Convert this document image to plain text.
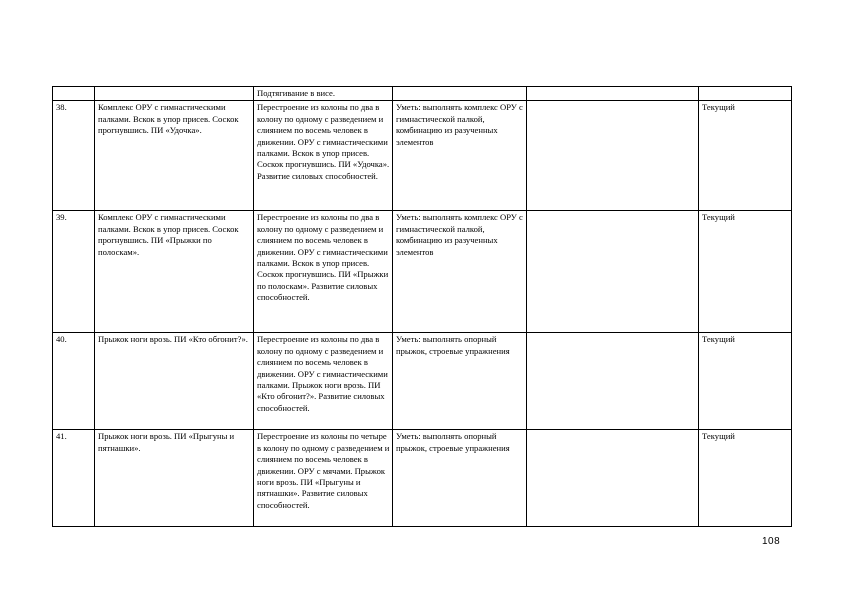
		Подтягивание в висе.			
38.	Комплекс ОРУ с гимнастическими палками. Вскок в упор присев. Соскок прогнувшись. ПИ «Удочка».	Перестроение из колоны по два в колону по одному с разведением и слиянием по восемь человек в движении. ОРУ с гимнастическими палками. Вскок в упор присев. Соскок прогнувшись. ПИ «Удочка». Развитие силовых способностей.	Уметь: выполнять комплекс ОРУ с гимнастической палкой, комбинацию из разученных элементов		Текущий
39.	Комплекс ОРУ с гимнастическими палками. Вскок в упор присев. Соскок прогнувшись. ПИ «Прыжки по полоскам».	Перестроение из колоны по два в колону по одному с разведением и слиянием по восемь человек в движении. ОРУ с гимнастическими палками. Вскок в упор присев. Соскок прогнувшись. ПИ «Прыжки по полоскам». Развитие силовых способностей.	Уметь: выполнять комплекс ОРУ с гимнастической палкой, комбинацию из разученных элементов		Текущий
40.	Прыжок ноги врозь. ПИ «Кто обгонит?».	Перестроение из колоны по два в колону по одному с разведением и слиянием по восемь человек в движении. ОРУ с гимнастическими палками. Прыжок ноги врозь. ПИ «Кто обгонит?». Развитие силовых способностей.	Уметь: выполнять опорный прыжок, строевые упражнения		Текущий
41.	Прыжок ноги врозь. ПИ «Прыгуны и пятнашки».	Перестроение из колоны по четыре в колону по одному с разведением и слиянием по восемь человек в движении. ОРУ с мячами. Прыжок ноги врозь. ПИ «Прыгуны и пятнашки». Развитие силовых способностей.	Уметь: выполнять опорный прыжок, строевые упражнения		Текущий
108
